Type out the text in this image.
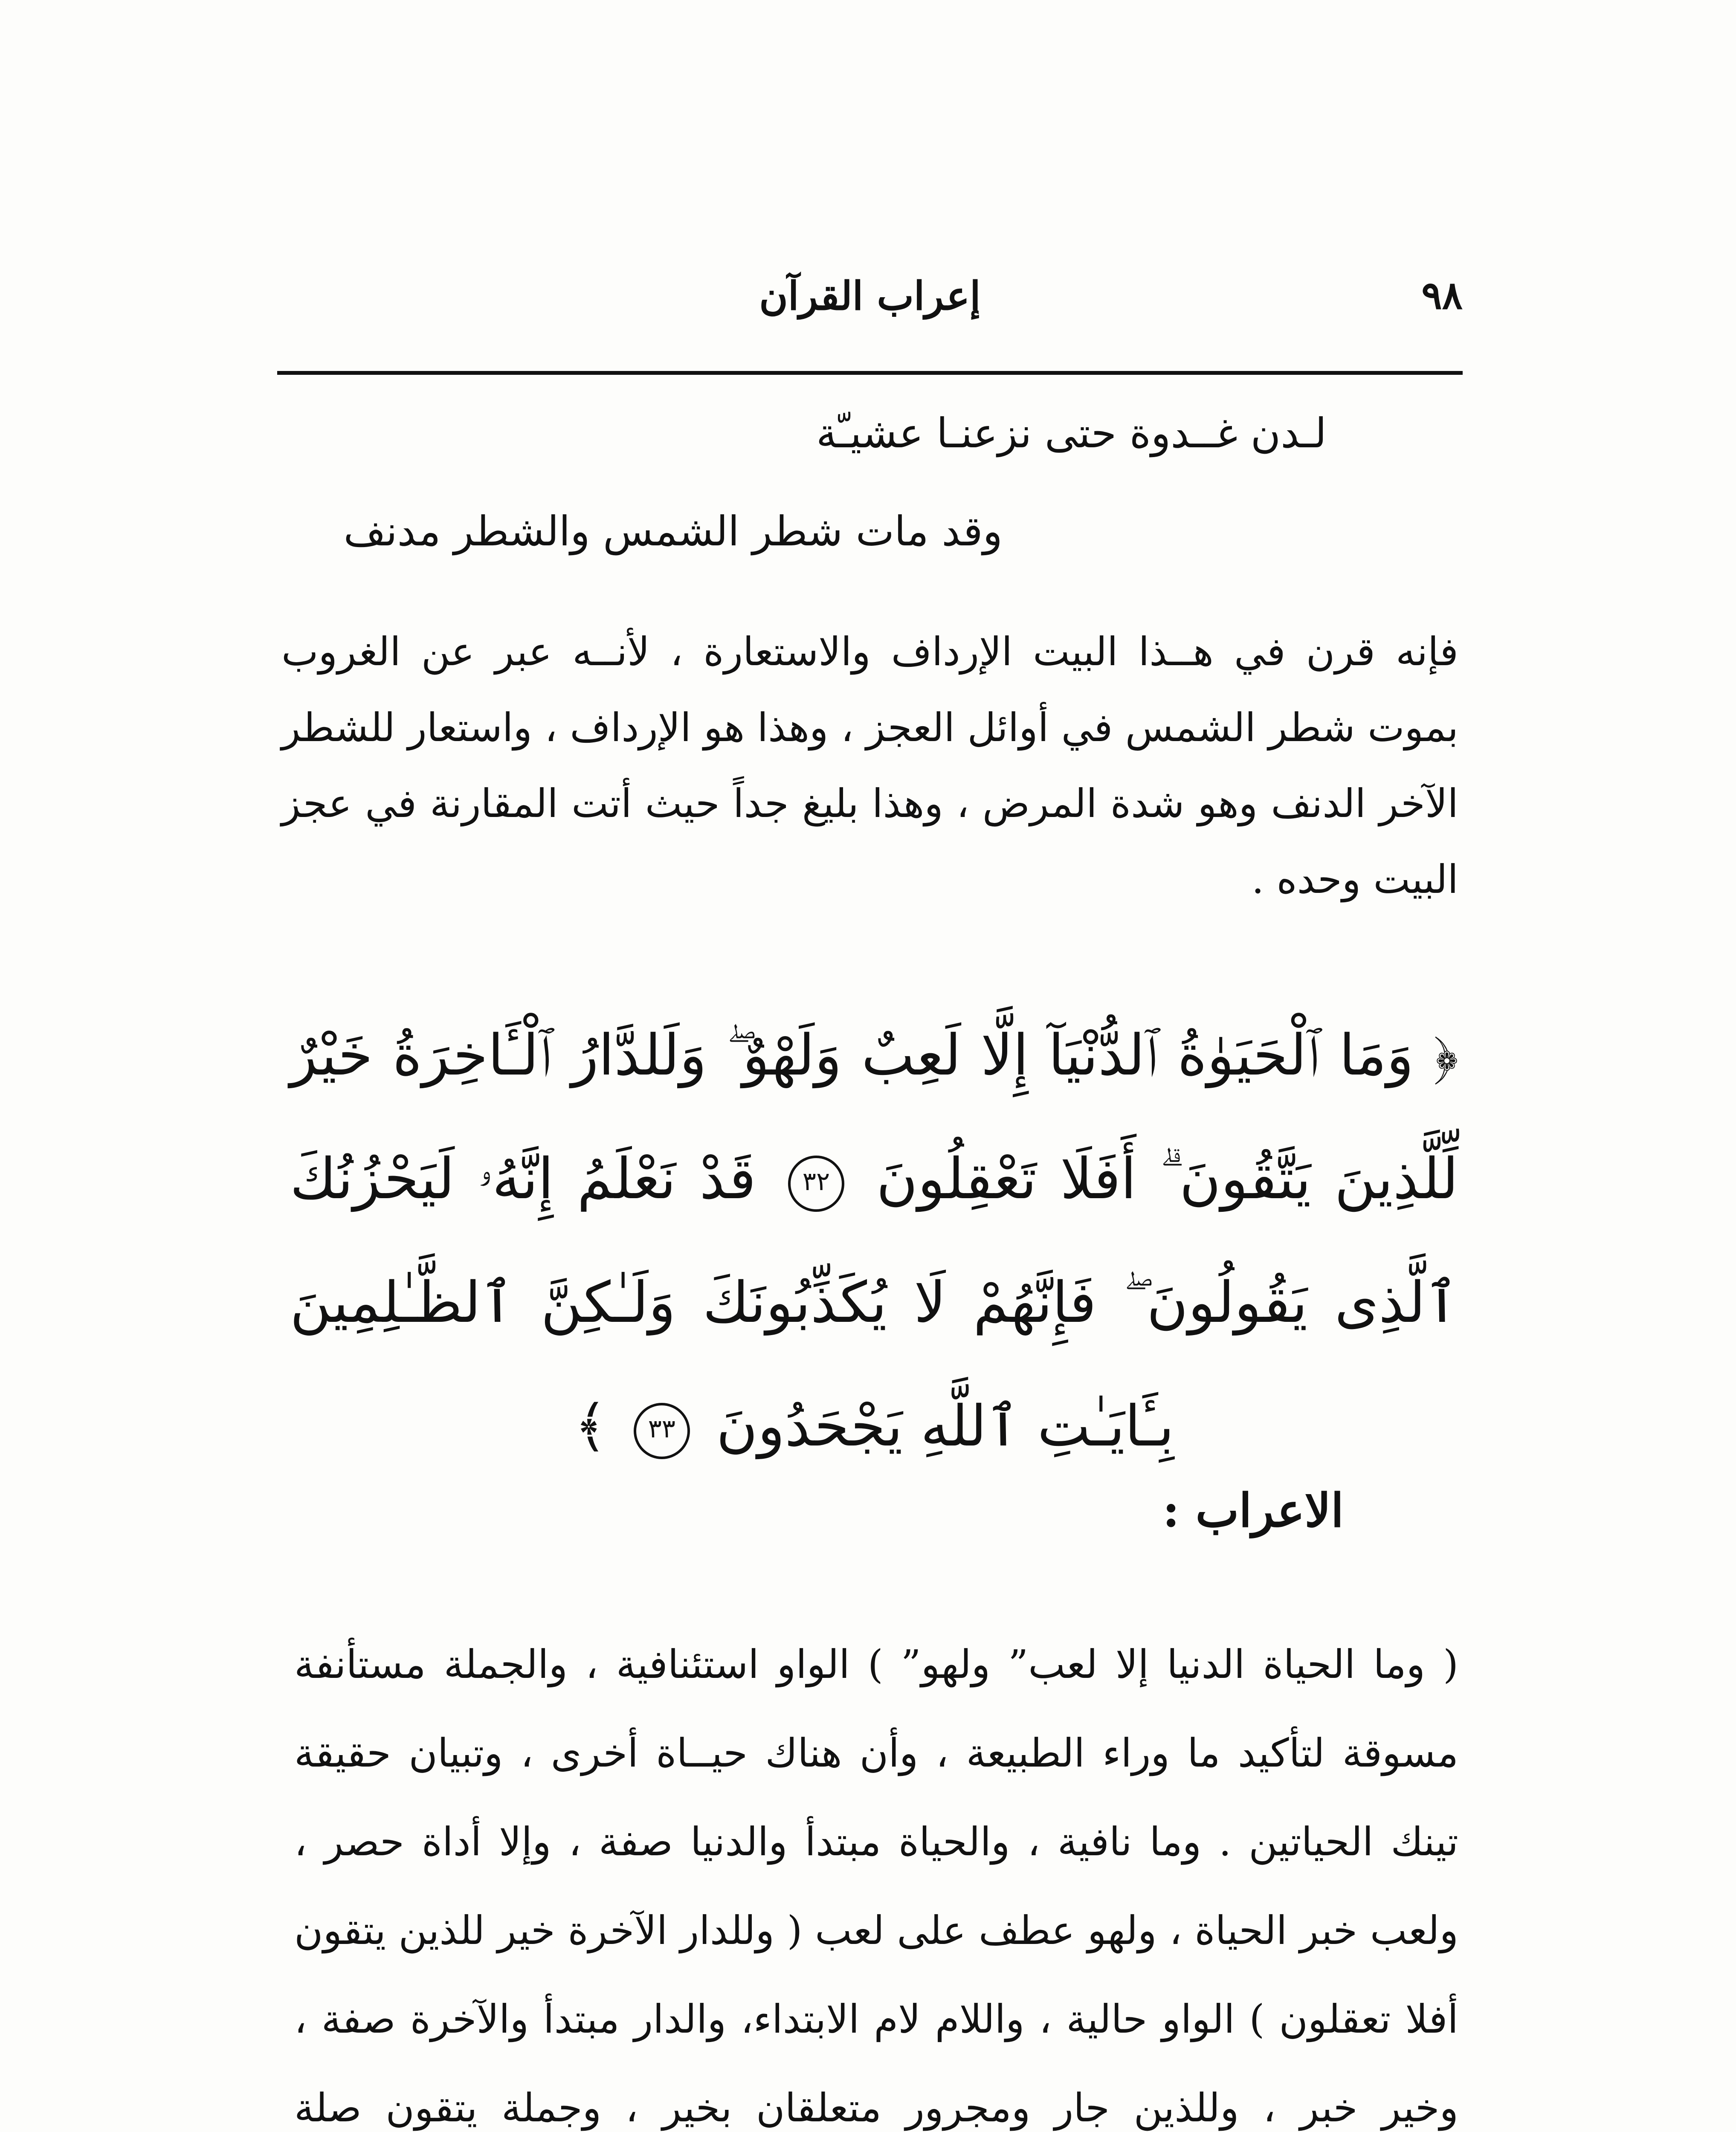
٩٨
إعراب القرآن
لـدن غــدوة حتى نزعنـا عشيـّة
وقد مات شطر الشمس والشطر مدنف

فإنه قرن في هــذا البيت الإرداف والاستعارة ، لأنــه عبر عن الغروب بموت شطر الشمس في أوائل العجز ، وهذا هو الإرداف ، واستعار للشطر الآخر الدنف وهو شدة المرض ، وهذا بليغ جداً حيث أتت المقارنة في عجز البيت وحده .

﴿ وَمَا ٱلْحَيَوٰةُ ٱلدُّنْيَآ إِلَّا لَعِبٌ وَلَهْوٌ ۖ وَلَلدَّارُ ٱلْـَٔاخِرَةُ خَيْرٌ لِّلَّذِينَ يَتَّقُونَ ۗ أَفَلَا تَعْقِلُونَ ٣٢ قَدْ نَعْلَمُ إِنَّهُۥ لَيَحْزُنُكَ ٱلَّذِى يَقُولُونَ ۖ فَإِنَّهُمْ لَا يُكَذِّبُونَكَ وَلَـٰكِنَّ ٱلظَّـٰلِمِينَ بِـَٔايَـٰتِ ٱللَّهِ يَجْحَدُونَ ٣٣ ﴾
الاعراب :

( وما الحياة الدنيا إلا لعب” ولهو” ) الواو استئنافية ، والجملة مستأنفة مسوقة لتأكيد ما وراء الطبيعة ، وأن هناك حيــاة أخرى ، وتبيان حقيقة تينك الحياتين . وما نافية ، والحياة مبتدأ والدنيا صفة ، وإلا أداة حصر ، ولعب خبر الحياة ، ولهو عطف على لعب ( وللدار الآخرة خير للذين يتقون أفلا تعقلون ) الواو حالية ، واللام لام الابتداء، والدار مبتدأ والآخرة صفة ، وخير خبر ، وللذين جار ومجرور متعلقان بخير ، وجملة يتقون صلة
